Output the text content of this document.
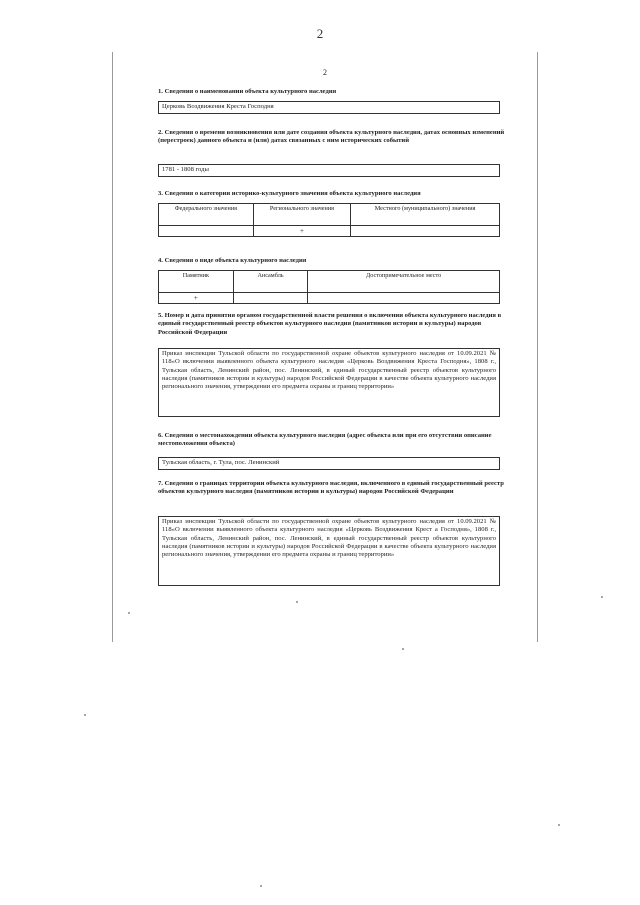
2
2
1. Сведения о наименовании объекта культурного наследия
Церковь Воздвижения Креста Господня
2. Сведения о времени возникновения или дате создания объекта культурного наследия, датах основных изменений (перестроек) данного объекта и (или) датах связанных с ним исторических событий
1781 - 1808 годы
3. Сведения о категории историко-культурного значения объекта культурного наследия
Федерального значения	Регионального значения	Местного (муниципального) значения
	+	
4. Сведения о виде объекта культурного наследия
Памятник	Ансамбль	Достопримечательное место
+		
5. Номер и дата принятия органом государственной власти решения о включении объекта культурного наследия в единый государственный реестр объектов культурного наследия (памятников истории и культуры) народов Российской Федерации
Приказ инспекции Тульской области по государственной охране объектов культурного наследия от 10.09.2021 № 118«О включении выявленного объекта культурного наследия «Церковь Воздвижения Креста Господня», 1808 г., Тульская область, Ленинский район, пос. Ленинский, в единый государственный реестр объектов культурного наследия (памятников истории и культуры) народов Российской Федерации в качестве объекта культурного наследия регионального значения, утверждении его предмета охраны и границ территории»
6. Сведения о местонахождении объекта культурного наследия (адрес объекта или при его отсутствии описание местоположения объекта)
Тульская область, г. Тула, пос. Ленинский
7. Сведения о границах территории объекта культурного наследия, включенного в единый государственный реестр объектов культурного наследия (памятников истории и культуры) народов Российской Федерации
Приказ инспекции Тульской области по государственной охране объектов культурного наследия от 10.09.2021 № 118«О включении выявленного объекта культурного наследия «Церковь Воздвижения Крест а Господня», 1808 г., Тульская область, Ленинский район, пос. Ленинский, в единый государственный реестр объектов культурного наследия (памятников истории и культуры) народов Российской Федерации в качестве объекта культурного наследия регионального значения, утверждении его предмета охраны и границ территории»
